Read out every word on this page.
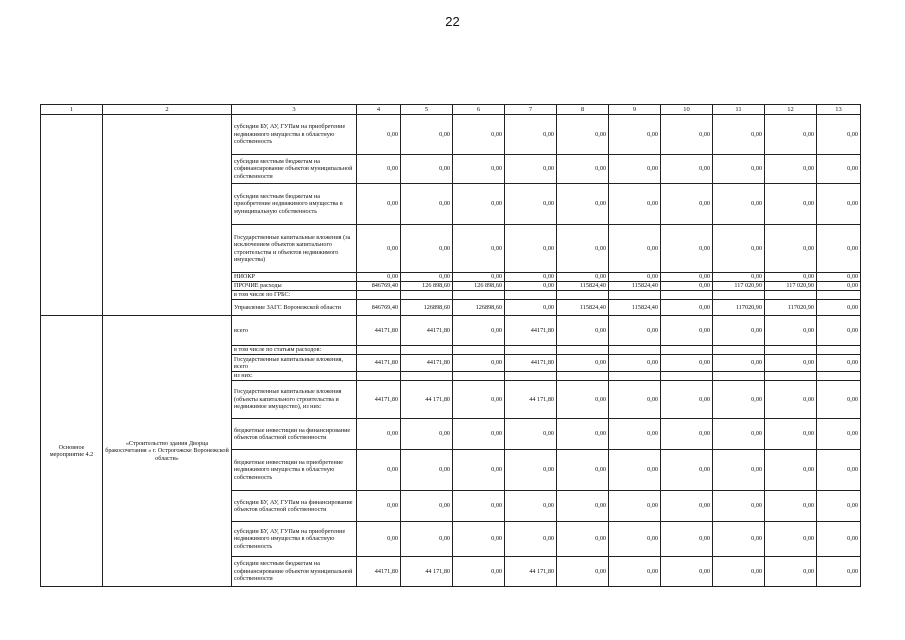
22
1	2	3	4	5	6	7	8	9	10	11	12	13
		субсидии БУ, АУ, ГУПам на приобретение недвижимого имущества в областную собственность	0,00	0,00	0,00	0,00	0,00	0,00	0,00	0,00	0,00	0,00
		субсидии местным бюджетам на софинансирование объектов муниципальной собственности	0,00	0,00	0,00	0,00	0,00	0,00	0,00	0,00	0,00	0,00
		субсидии местным бюджетам на приобретение недвижимого имущества в муниципальную собственность	0,00	0,00	0,00	0,00	0,00	0,00	0,00	0,00	0,00	0,00
		Государственные капитальные вложения (за исключением объектов капитального строительства и объектов недвижимого имущества)	0,00	0,00	0,00	0,00	0,00	0,00	0,00	0,00	0,00	0,00
		НИОКР	0,00	0,00	0,00	0,00	0,00	0,00	0,00	0,00	0,00	0,00
		ПРОЧИЕ расходы	846769,40	126 898,60	126 898,60	0,00	115824,40	115824,40	0,00	117 020,90	117 020,90	0,00
		в том числе по ГРБС:										
		Управление ЗАГС Воронежской области	846769,40	126898,60	126898,60	0,00	115824,40	115824,40	0,00	117020,90	117020,90	0,00
Основное мероприятие 4.2	«Строительство здания Дворца бракосочетания » г. Острогожске Воронежской области»	всего	44171,80	44171,80	0,00	44171,80	0,00	0,00	0,00	0,00	0,00	0,00
		в том числе по статьям расходов:										
		Государственные капитальные вложения, всего	44171,80	44171,80	0,00	44171,80	0,00	0,00	0,00	0,00	0,00	0,00
		из них:										
		Государственные капитальные вложения (объекты капитального строительства и недвижимое имущество), из них:	44171,80	44 171,80	0,00	44 171,80	0,00	0,00	0,00	0,00	0,00	0,00
		бюджетные инвестиции на финансирование объектов областной собственности	0,00	0,00	0,00	0,00	0,00	0,00	0,00	0,00	0,00	0,00
		бюджетные инвестиции на приобретение недвижимого имущества в областную собственность	0,00	0,00	0,00	0,00	0,00	0,00	0,00	0,00	0,00	0,00
		субсидии БУ, АУ, ГУПам на финансирование объектов областной собственности	0,00	0,00	0,00	0,00	0,00	0,00	0,00	0,00	0,00	0,00
		субсидии БУ, АУ, ГУПам на приобретение недвижимого имущества в областную собственность	0,00	0,00	0,00	0,00	0,00	0,00	0,00	0,00	0,00	0,00
		субсидии местным бюджетам на софинансирование объектов муниципальной собственности	44171,80	44 171,80	0,00	44 171,80	0,00	0,00	0,00	0,00	0,00	0,00
